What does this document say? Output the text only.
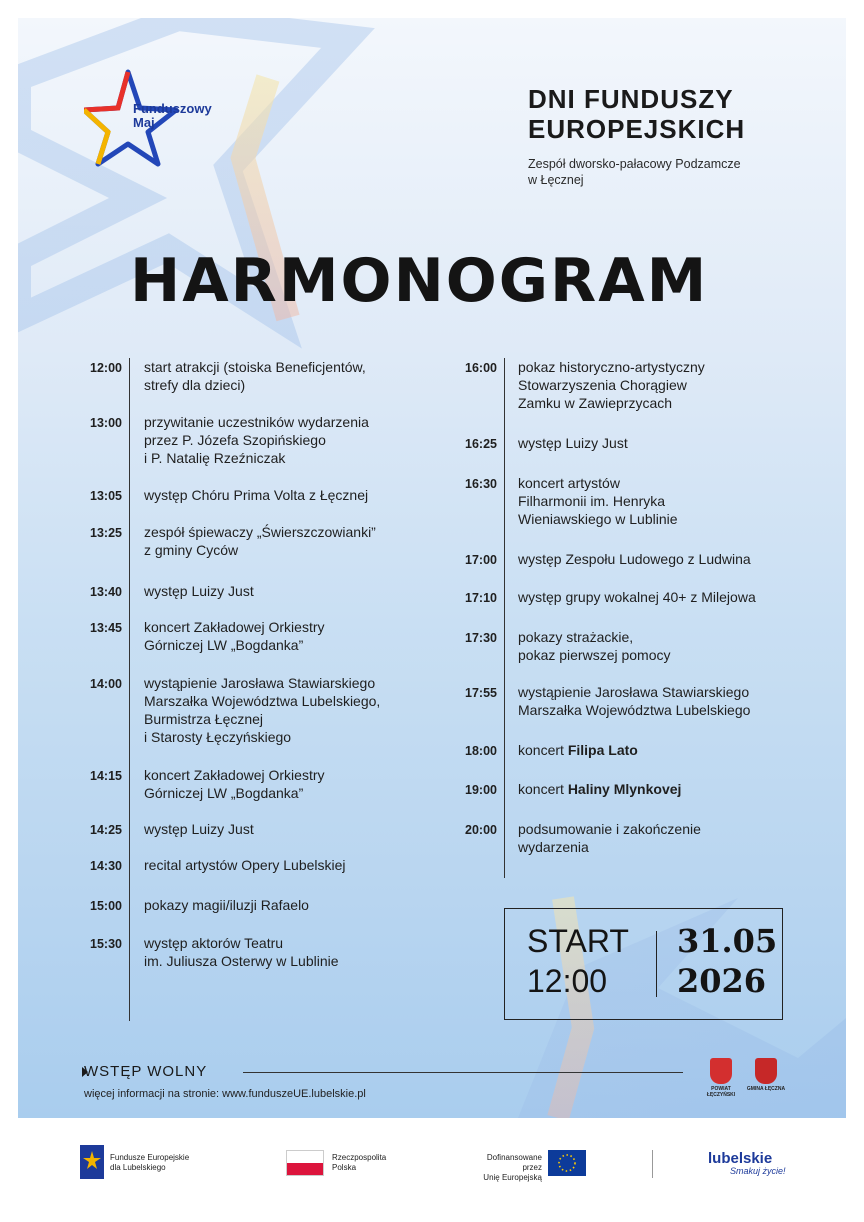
Funduszowy
Maj
DNI FUNDUSZY
EUROPEJSKICH
Zespół dworsko-pałacowy Podzamcze
w Łęcznej
HARMONOGRAM
12:00 start atrakcji (stoiska Beneficjentów,
strefy dla dzieci)
13:00 przywitanie uczestników wydarzenia
przez P. Józefa Szopińskiego
i P. Natalię Rzeźniczak
13:05 występ Chóru Prima Volta z Łęcznej
13:25 zespół śpiewaczy „Świerszczowianki”
z gminy Cyców
13:40 występ Luizy Just
13:45 koncert Zakładowej Orkiestry
Górniczej LW „Bogdanka”
14:00 wystąpienie Jarosława Stawiarskiego
Marszałka Województwa Lubelskiego,
Burmistrza Łęcznej
i Starosty Łęczyńskiego
14:15 koncert Zakładowej Orkiestry
Górniczej LW „Bogdanka”
14:25 występ Luizy Just
14:30 recital artystów Opery Lubelskiej
15:00 pokazy magii/iluzji Rafaelo
15:30 występ aktorów Teatru
im. Juliusza Osterwy w Lublinie
16:00 pokaz historyczno-artystyczny
Stowarzyszenia Chorągiew
Zamku w Zawieprzycach
16:25 występ Luizy Just
16:30 koncert artystów
Filharmonii im. Henryka
Wieniawskiego w Lublinie
17:00 występ Zespołu Ludowego z Ludwina
17:10 występ grupy wokalnej 40+ z Milejowa
17:30 pokazy strażackie,
pokaz pierwszej pomocy
17:55 wystąpienie Jarosława Stawiarskiego
Marszałka Województwa Lubelskiego
18:00 koncert Filipa Lato
19:00 koncert Haliny Mlynkovej
20:00 podsumowanie i zakończenie
wydarzenia
START
12:00
31.05
2026
WSTĘP WOLNY
więcej informacji na stronie: www.funduszeUE.lubelskie.pl	POWIAT ŁĘCZYŃSKI
GMINA ŁĘCZNA
Fundusze Europejskie
dla Lubelskiego
Rzeczpospolita
Polska
Dofinansowane przez
Unię Europejską
lubelskie
Smakuj życie!
